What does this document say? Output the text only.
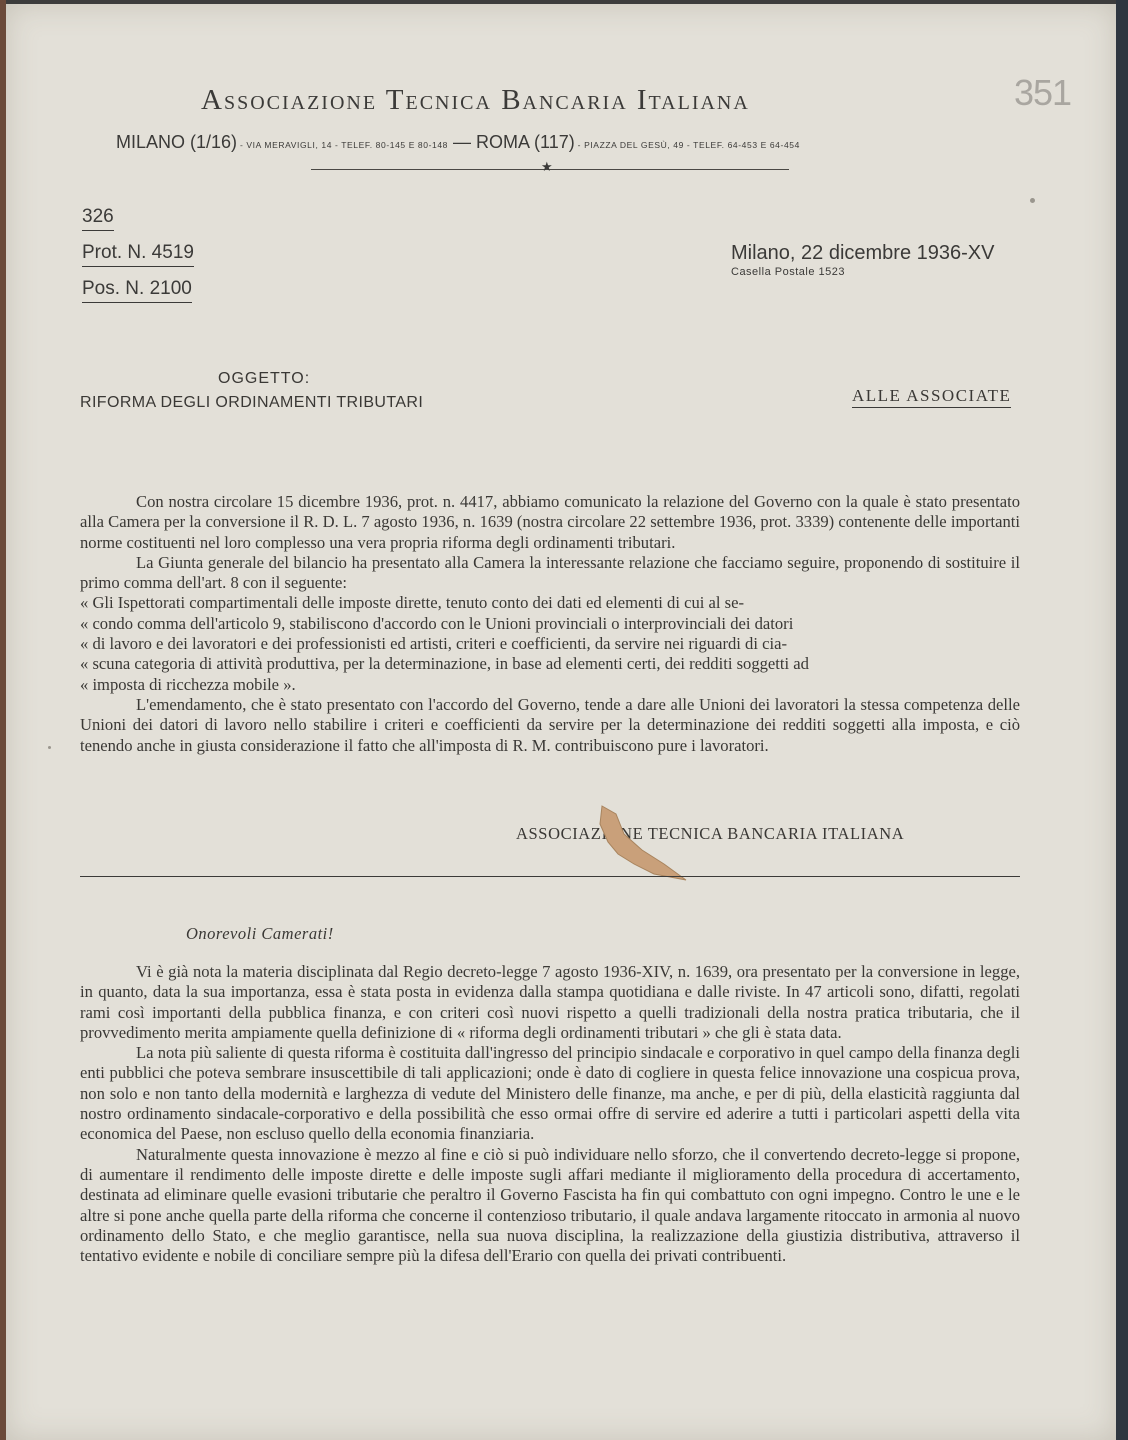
Associazione Tecnica Bancaria Italiana
MILANO (1/16) - VIA MERAVIGLI, 14 - TELEF. 80-145 E 80-148 — ROMA (117) - PIAZZA DEL GESÙ, 49 - TELEF. 64-453 E 64-454
★
351
326
Prot. N. 4519
Pos. N. 2100
Milano, 22 dicembre 1936-XV
Casella Postale 1523
OGGETTO:
RIFORMA DEGLI ORDINAMENTI TRIBUTARI	ALLE ASSOCIATE

Con nostra circolare 15 dicembre 1936, prot. n. 4417, abbiamo comunicato la relazione del Governo con la quale è stato presentato alla Camera per la conversione il R. D. L. 7 agosto 1936, n. 1639 (nostra circolare 22 settembre 1936, prot. 3339) contenente delle importanti norme costituenti nel loro complesso una vera propria riforma degli ordinamenti tributari.

La Giunta generale del bilancio ha presentato alla Camera la interessante relazione che facciamo seguire, proponendo di sostituire il primo comma dell'art. 8 con il seguente:

« Gli Ispettorati compartimentali delle imposte dirette, tenuto conto dei dati ed elementi di cui al se-

« condo comma dell'articolo 9, stabiliscono d'accordo con le Unioni provinciali o interprovinciali dei datori

« di lavoro e dei lavoratori e dei professionisti ed artisti, criteri e coefficienti, da servire nei riguardi di cia-

« scuna categoria di attività produttiva, per la determinazione, in base ad elementi certi, dei redditi soggetti ad

« imposta di ricchezza mobile ».

L'emendamento, che è stato presentato con l'accordo del Governo, tende a dare alle Unioni dei lavoratori la stessa competenza delle Unioni dei datori di lavoro nello stabilire i criteri e coefficienti da servire per la determinazione dei redditi soggetti alla imposta, e ciò tenendo anche in giusta considerazione il fatto che all'imposta di R. M. contribuiscono pure i lavoratori.

ASSOCIAZIONE TECNICA BANCARIA ITALIANA
Onorevoli Camerati!

Vi è già nota la materia disciplinata dal Regio decreto-legge 7 agosto 1936-XIV, n. 1639, ora presentato per la conversione in legge, in quanto, data la sua importanza, essa è stata posta in evidenza dalla stampa quotidiana e dalle riviste. In 47 articoli sono, difatti, regolati rami così importanti della pubblica finanza, e con criteri così nuovi rispetto a quelli tradizionali della nostra pratica tributaria, che il provvedimento merita ampiamente quella definizione di « riforma degli ordinamenti tributari » che gli è stata data.

La nota più saliente di questa riforma è costituita dall'ingresso del principio sindacale e corporativo in quel campo della finanza degli enti pubblici che poteva sembrare insuscettibile di tali applicazioni; onde è dato di cogliere in questa felice innovazione una cospicua prova, non solo e non tanto della modernità e larghezza di vedute del Ministero delle finanze, ma anche, e per di più, della elasticità raggiunta dal nostro ordinamento sindacale-corporativo e della possibilità che esso ormai offre di servire ed aderire a tutti i particolari aspetti della vita economica del Paese, non escluso quello della economia finanziaria.

Naturalmente questa innovazione è mezzo al fine e ciò si può individuare nello sforzo, che il convertendo decreto-legge si propone, di aumentare il rendimento delle imposte dirette e delle imposte sugli affari mediante il miglioramento della procedura di accertamento, destinata ad eliminare quelle evasioni tributarie che peraltro il Governo Fascista ha fin qui combattuto con ogni impegno. Contro le une e le altre si pone anche quella parte della riforma che concerne il contenzioso tributario, il quale andava largamente ritoccato in armonia al nuovo ordinamento dello Stato, e che meglio garantisce, nella sua nuova disciplina, la realizzazione della giustizia distributiva, attraverso il tentativo evidente e nobile di conciliare sempre più la difesa dell'Erario con quella dei privati contribuenti.
